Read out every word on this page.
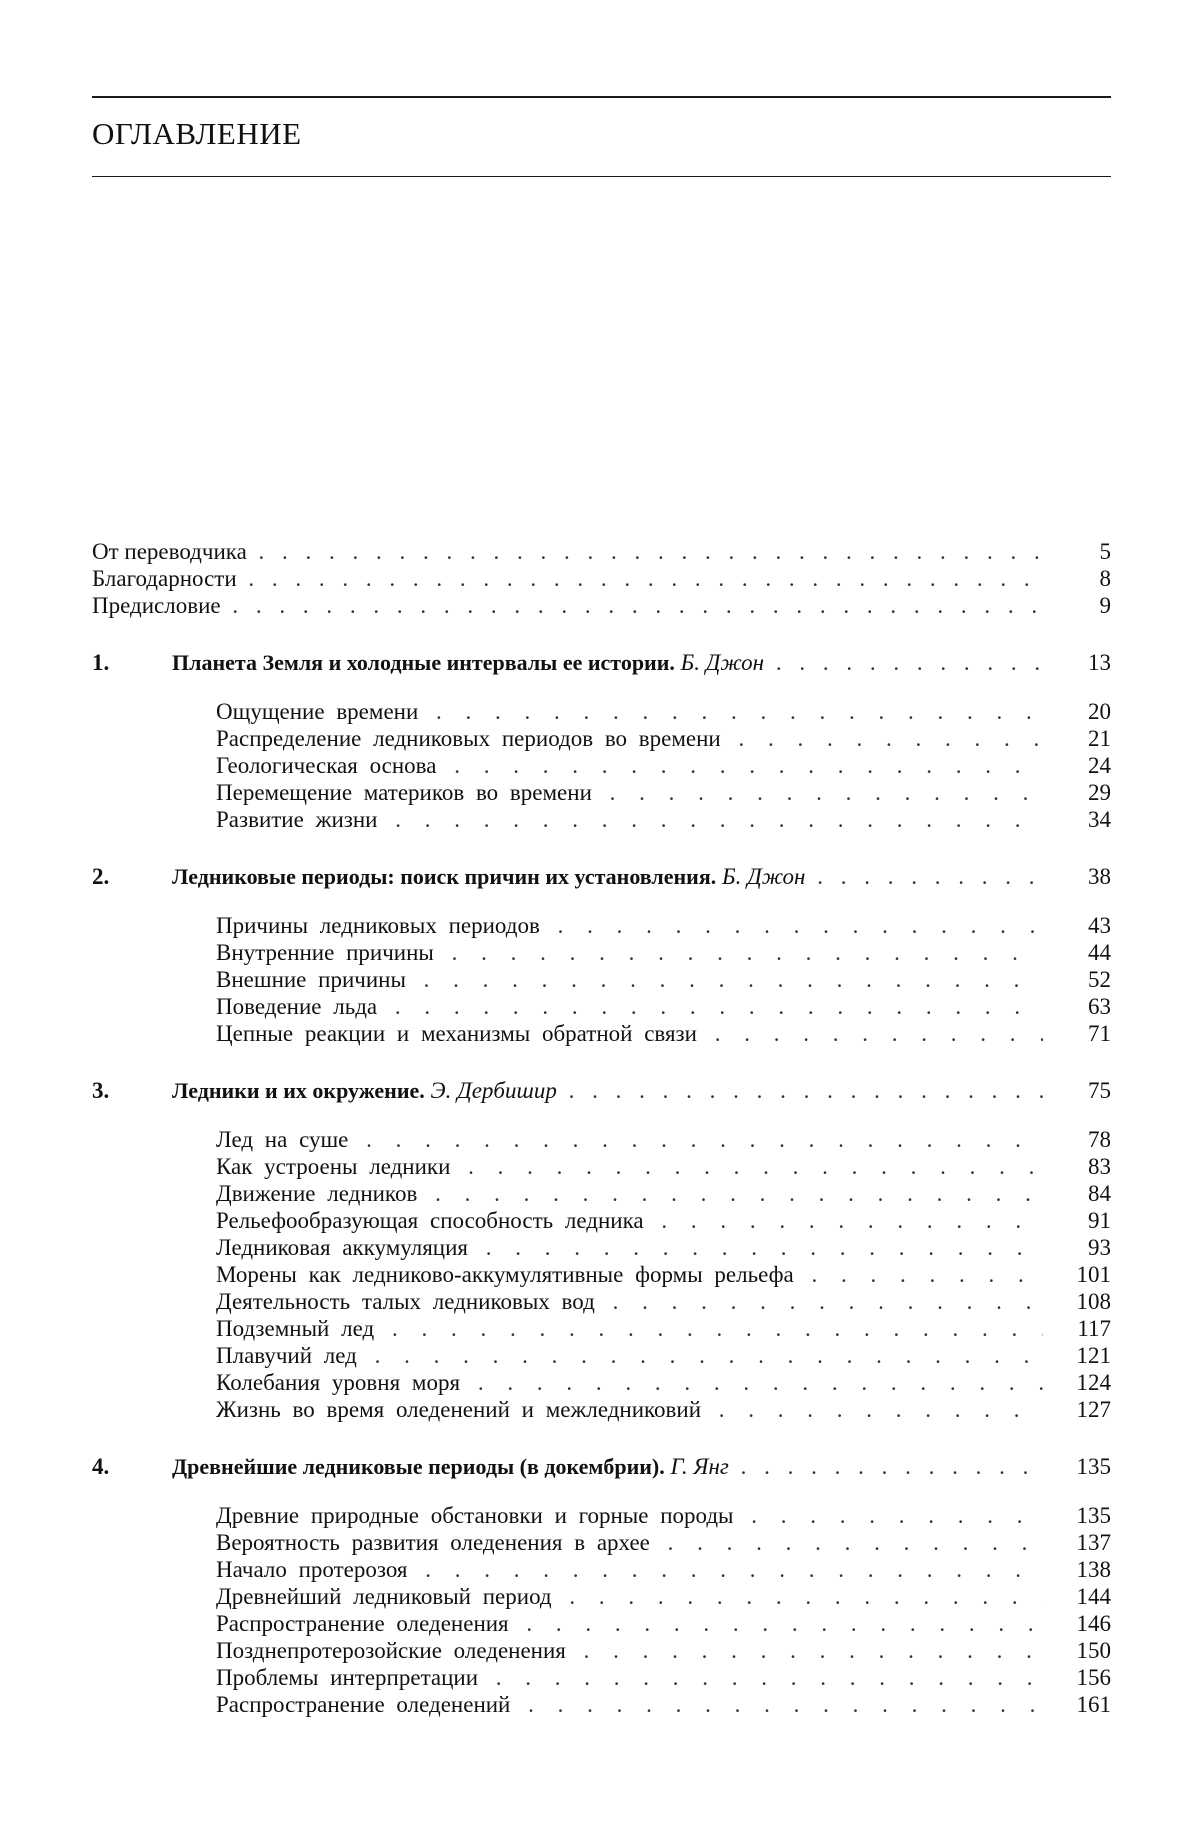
ОГЛАВЛЕНИЕ
От переводчика . . .	5
Благодарности . . .	8
Предисловие . . .	9
1.	Планета Земля и холодные интервалы ее истории. Б. Джон . . .	13
Ощущение времени . . .	20
Распределение ледниковых периодов во времени . . .	21
Геологическая основа . . .	24
Перемещение материков во времени . . .	29
Развитие жизни . . .	34
2.	Ледниковые периоды: поиск причин их установления. Б. Джон . . .	38
Причины ледниковых периодов . . .	43
Внутренние причины . . .	44
Внешние причины . . .	52
Поведение льда . . .	63
Цепные реакции и механизмы обратной связи . . .	71
3.	Ледники и их окружение. Э. Дербишир . . .	75
Лед на суше . . .	78
Как устроены ледники . . .	83
Движение ледников . . .	84
Рельефообразующая способность ледника . . .	91
Ледниковая аккумуляция . . .	93
Морены как ледниково-аккумулятивные формы рельефа . . .	101
Деятельность талых ледниковых вод . . .	108
Подземный лед . . .	117
Плавучий лед . . .	121
Колебания уровня моря . . .	124
Жизнь во время оледенений и межледниковий . . .	127
4.	Древнейшие ледниковые периоды (в докембрии). Г. Янг . . .	135
Древние природные обстановки и горные породы . . .	135
Вероятность развития оледенения в архее . . .	137
Начало протерозоя . . .	138
Древнейший ледниковый период . . .	144
Распространение оледенения . . .	146
Позднепротерозойские оледенения . . .	150
Проблемы интерпретации . . .	156
Распространение оледенений . . .	161
